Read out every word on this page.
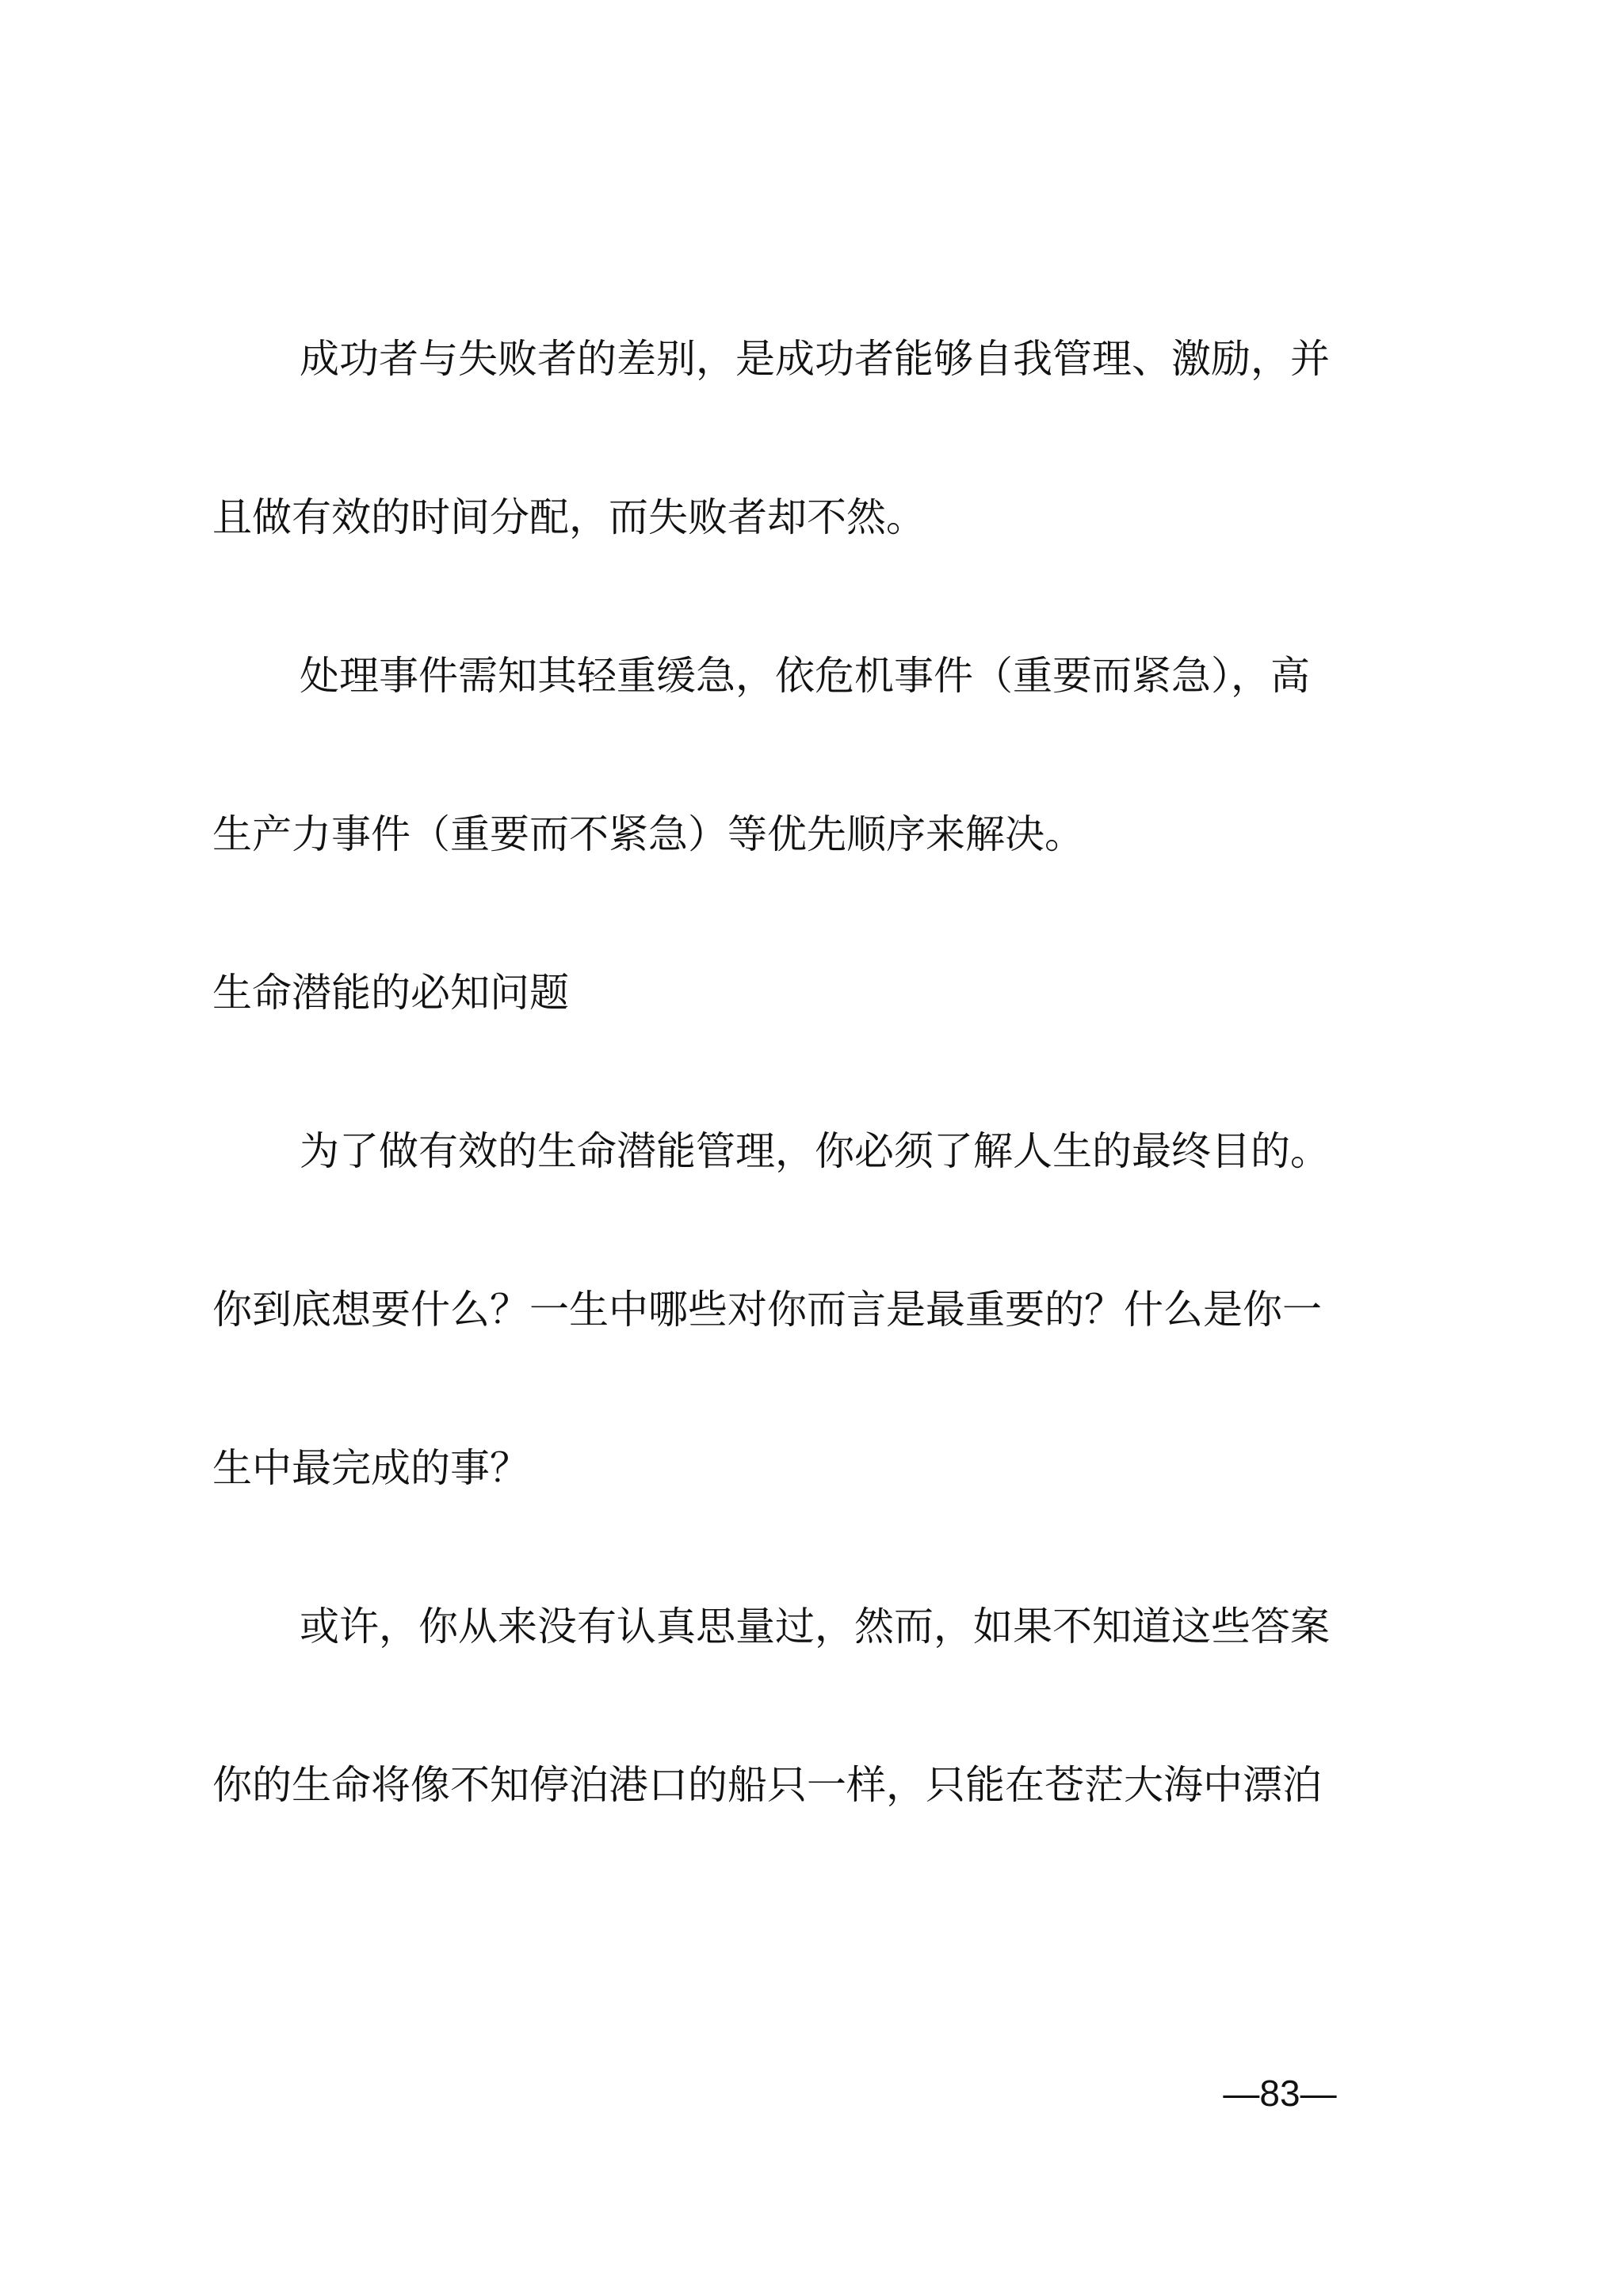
成功者与失败者的差别，是成功者能够自我管理、激励，并

且做有效的时间分配，而失败者却不然。

处理事件需知其轻重缓急，依危机事件（重要而紧急），高

生产力事件（重要而不紧急）等优先顺序来解决。

生命潜能的必知问题

为了做有效的生命潜能管理，你必须了解人生的最终目的。

你到底想要什么？一生中哪些对你而言是最重要的？什么是你一

生中最完成的事？

或许，你从来没有认真思量过，然而，如果不知道这些答案

你的生命将像不知停泊港口的船只一样，只能在苍茫大海中漂泊

—83—
